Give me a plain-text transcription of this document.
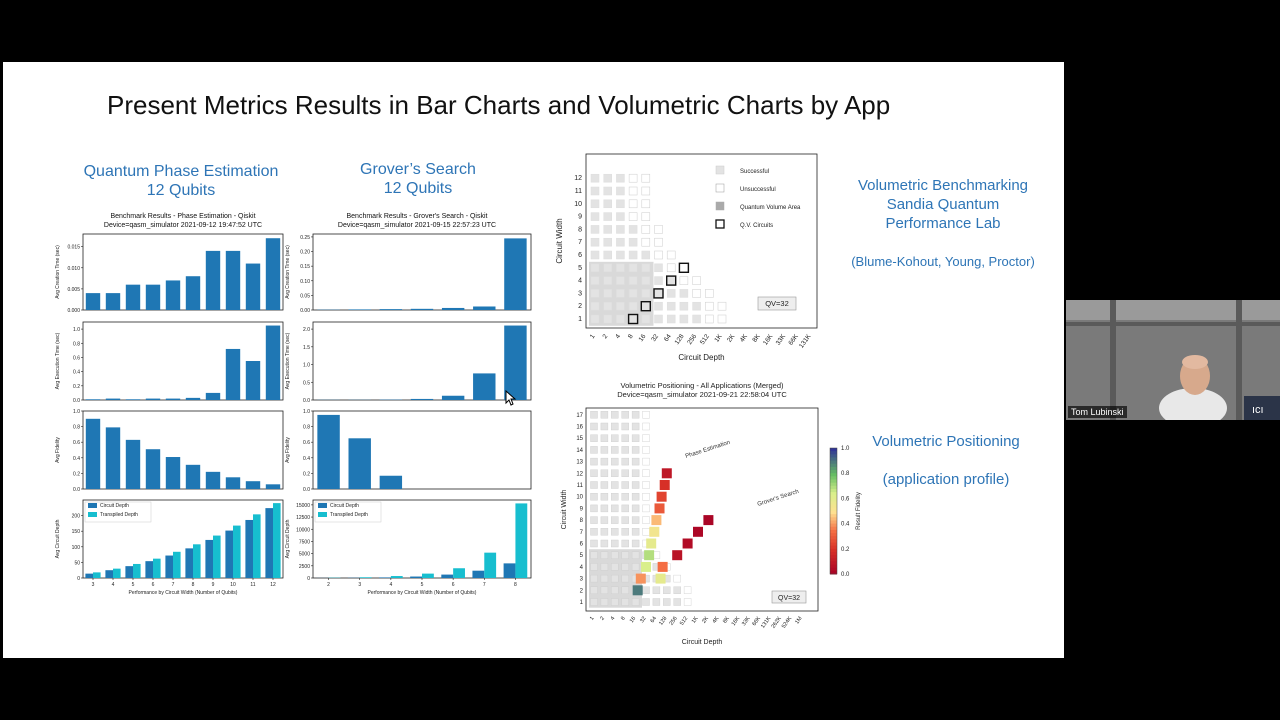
Present Metrics Results in Bar Charts and Volumetric Charts by App
Quantum Phase Estimation
12 Qubits
Grover’s Search
12 Qubits
Benchmark Results - Phase Estimation - Qiskit
Device=qasm_simulator 2021-09-12 19:47:52 UTC
Benchmark Results - Grover's Search - Qiskit
Device=qasm_simulator 2021-09-15 22:57:23 UTC
0.000
0.005
0.010
0.015
Avg Creation Time (sec)
0.0
0.2
0.4
0.6
0.8
1.0
Avg Execution Time (sec)
0.0
0.2
0.4
0.6
0.8
1.0
Avg Fidelity
0
50
100
150
200
Avg Circuit Depth
Circuit Depth
Transpiled Depth
3	4	5	6	7	8	9	10	11	12
Performance by Circuit Width (Number of Qubits)
0.00
0.05
0.10
0.15
0.20
0.25
Avg Creation Time (sec)
0.0
0.5
1.0
1.5
2.0
Avg Execution Time (sec)
0.0
0.2
0.4
0.6
0.8
1.0
Avg Fidelity
0
2500
5000
7500
10000
12500
15000
Avg Circuit Depth
Circuit Depth
Transpiled Depth
2	3	4	5	6	7	8
Performance by Circuit Width (Number of Qubits)
1
2
3
4
5
6
7
8
9
10
11
12
1 2 4 8 16 32 64 128 256 512 1K 2K 4K 8K 16K 33K 66K
131K
Circuit Depth
Circuit Width
Successful
Unsuccessful
Quantum Volume Area
Q.V. Circuits
QV=32
Volumetric Positioning - All Applications (Merged)
Device=qasm_simulator 2021-09-21 22:58:04 UTC
1
2
3
4
5
6
7
8
9
10
11
12
13
14
15
16
17
Phase Estimation
Grover's Search
1 2 4 8 16 32 64 128 256 512 1K 2K 4K 8K 16K 33K 66K
131K
262K
524K 1M
Circuit Depth
Circuit Width
QV=32
0.0
0.2
0.4
0.6
0.8
1.0
Result Fidelity
Volumetric Benchmarking
Sandia Quantum
Performance Lab
(Blume-Kohout, Young, Proctor)
Volumetric Positioning
(application profile)
ıcı
Tom Lubinski
